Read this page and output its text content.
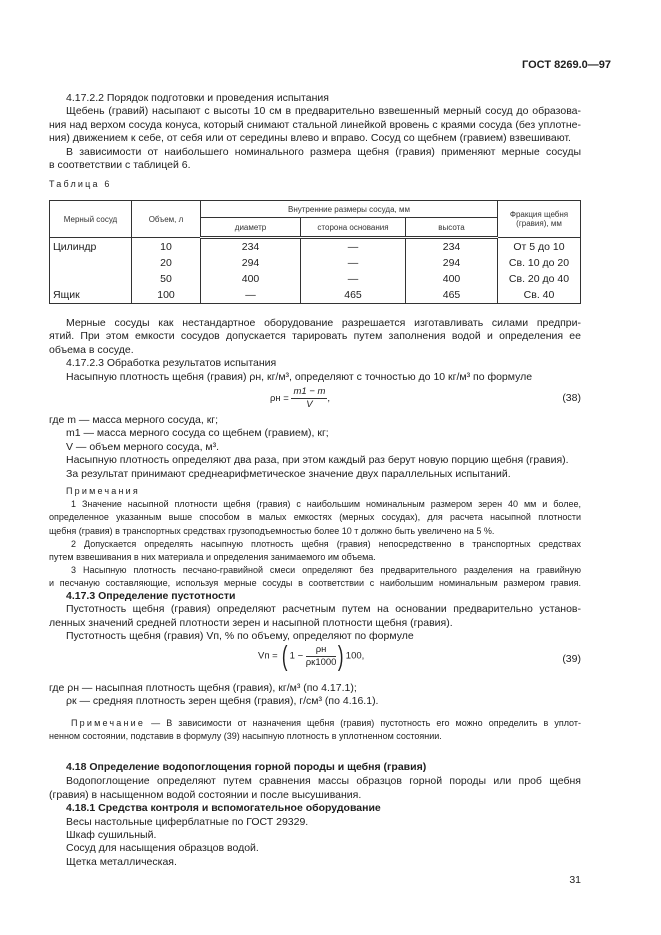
ГОСТ 8269.0—97
4.17.2.2 Порядок подготовки и проведения испытания
Щебень (гравий) насыпают с высоты 10 см в предварительно взвешенный мерный сосуд до образова-
ния над верхом сосуда конуса, который снимают стальной линейкой вровень с краями сосуда (без уплотне-
ния) движением к себе, от себя или от середины влево и вправо. Сосуд со щебнем (гравием) взвешивают.
В зависимости от наибольшего номинального размера щебня (гравия) применяют мерные сосуды
в соответствии с таблицей 6.
Таблица 6
Мерный сосуд	Объем, л	Внутренние размеры сосуда, мм			Фракция щебня (гравия), мм
		диаметр	сторона основания	высота	
Цилиндр	10	234	—	234	От 5 до 10
	20	294	—	294	Св. 10 до 20
	50	400	—	400	Св. 20 до 40
Ящик	100	—	465	465	Св. 40
Мерные сосуды как нестандартное оборудование разрешается изготавливать силами предпри-
ятий. При этом емкости сосудов допускается тарировать путем заполнения водой и определения ее
объема в сосуде.
4.17.2.3 Обработка результатов испытания
Насыпную плотность щебня (гравия) ρн, кг/м³, определяют с точностью до 10 кг/м³ по формуле
$\rho н = \frac{m1 - m}{V}$ ,	(38)
где m — масса мерного сосуда, кг;
m1 — масса мерного сосуда со щебнем (гравием), кг;
V — объем мерного сосуда, м³.
Насыпную плотность определяют два раза, при этом каждый раз берут новую порцию щебня (гравия).
За результат принимают среднеарифметическое значение двух параллельных испытаний.
Примечания
1 Значение насыпной плотности щебня (гравия) с наибольшим номинальным размером зерен 40 мм и более,
определенное указанным выше способом в малых емкостях (мерных сосудах), для расчета насыпной плотности
щебня (гравия) в транспортных средствах грузоподъемностью более 10 т должно быть увеличено на 5 %.
2 Допускается определять насыпную плотность щебня (гравия) непосредственно в транспортных средствах
путем взвешивания в них материала и определения занимаемого им объема.
3 Насыпную плотность песчано-гравийной смеси определяют без предварительного разделения на гравийную
и песчаную составляющие, используя мерные сосуды в соответствии с наибольшим номинальным размером гравия.
4.17.3 Определение пустотности
Пустотность щебня (гравия) определяют расчетным путем на основании предварительно установ-
ленных значений средней плотности зерен и насыпной плотности щебня (гравия).
Пустотность щебня (гравия) Vп, % по объему, определяют по формуле
Vп = ( $1 - \frac{\rho н}{\rho к1000}$ ) 100,	(39)
где ρн — насыпная плотность щебня (гравия), кг/м³ (по 4.17.1);
ρк — средняя плотность зерен щебня (гравия), г/см³ (по 4.16.1).
Примечание — В зависимости от назначения щебня (гравия) пустотность его можно определить в уплот-
ненном состоянии, подставив в формулу (39) насыпную плотность в уплотненном состоянии.
4.18 Определение водопоглощения горной породы и щебня (гравия)
Водопоглощение определяют путем сравнения массы образцов горной породы или проб щебня
(гравия) в насыщенном водой состоянии и после высушивания.
4.18.1 Средства контроля и вспомогательное оборудование
Весы настольные циферблатные по ГОСТ 29329.
Шкаф сушильный.
Сосуд для насыщения образцов водой.
Щетка металлическая.
31
